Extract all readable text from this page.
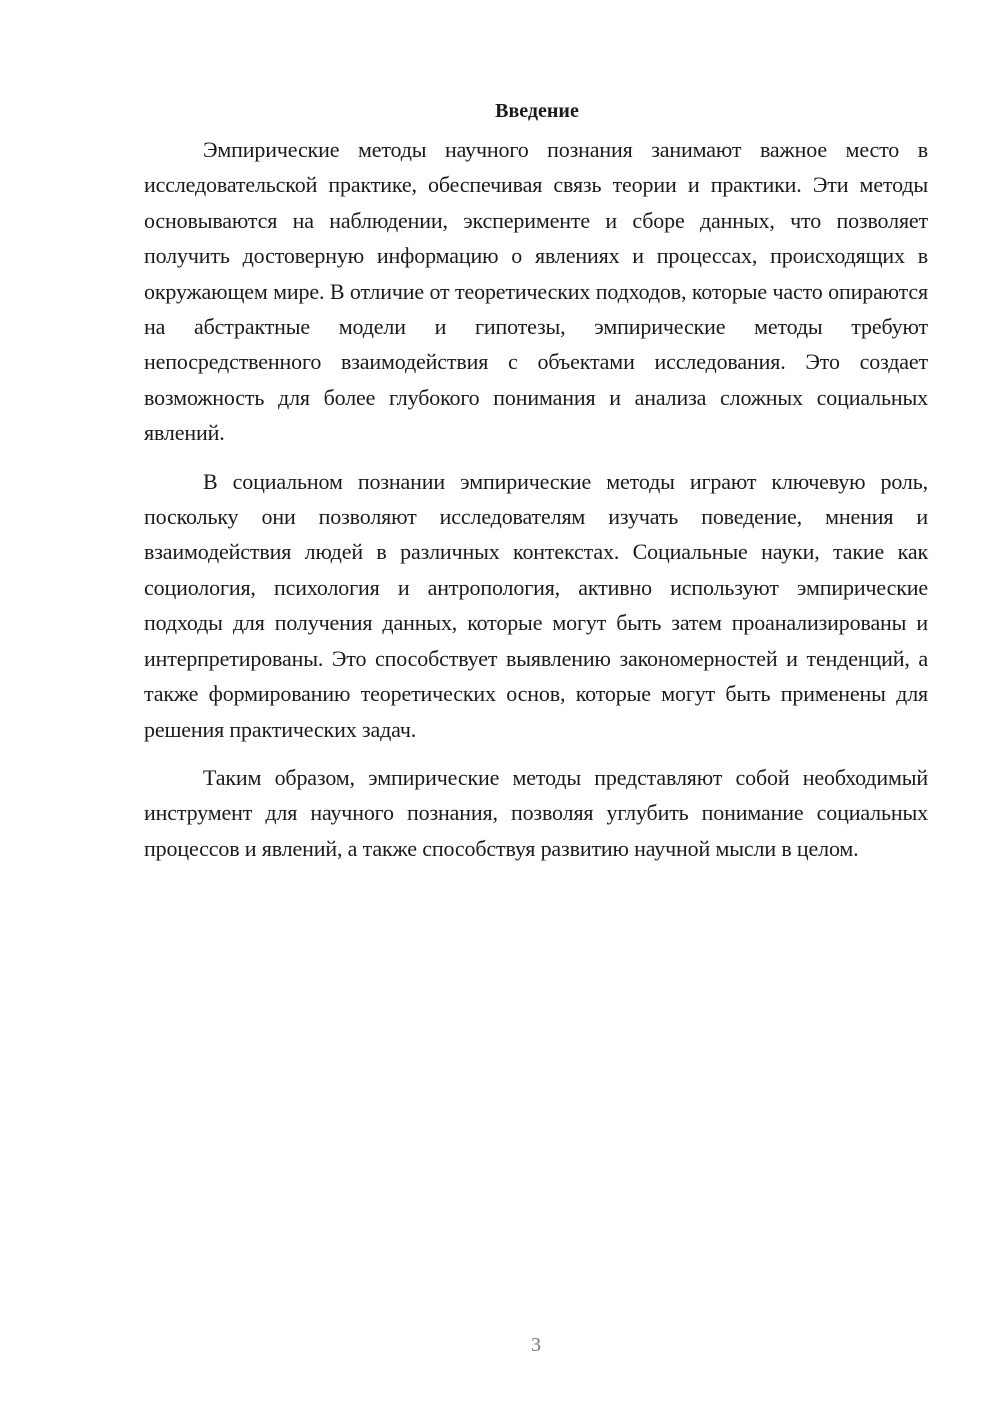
Введение

Эмпирические методы научного познания занимают важное место в исследовательской практике, обеспечивая связь теории и практики. Эти методы основываются на наблюдении, эксперименте и сборе данных, что позволяет получить достоверную информацию о явлениях и процессах, происходящих в окружающем мире. В отличие от теоретических подходов, которые часто опираются на абстрактные модели и гипотезы, эмпирические методы требуют непосредственного взаимодействия с объектами исследования. Это создает возможность для более глубокого понимания и анализа сложных социальных явлений.

В социальном познании эмпирические методы играют ключевую роль, поскольку они позволяют исследователям изучать поведение, мнения и взаимодействия людей в различных контекстах. Социальные науки, такие как социология, психология и антропология, активно используют эмпирические подходы для получения данных, которые могут быть затем проанализированы и интерпретированы. Это способствует выявлению закономерностей и тенденций, а также формированию теоретических основ, которые могут быть применены для решения практических задач.

Таким образом, эмпирические методы представляют собой необходимый инструмент для научного познания, позволяя углубить понимание социальных процессов и явлений, а также способствуя развитию научной мысли в целом.

3
